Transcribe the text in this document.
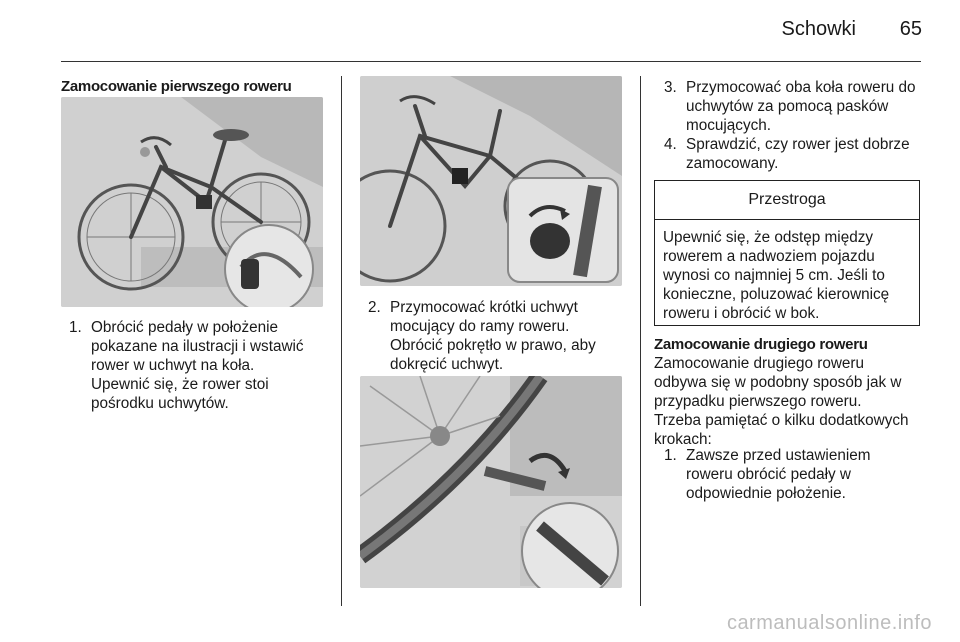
Schowki 65
Zamocowanie pierwszego roweru
1. Obrócić pedały w położenie
pokazane na ilustracji i wstawić
rower w uchwyt na koła.
Upewnić się, że rower stoi
pośrodku uchwytów.
2. Przymocować krótki uchwyt
mocujący do ramy roweru.
Obrócić pokrętło w prawo, aby
dokręcić uchwyt.
3. Przymocować oba koła roweru do
uchwytów za pomocą pasków
mocujących.
4. Sprawdzić, czy rower jest dobrze
zamocowany.
Przestroga
Upewnić się, że odstęp między
rowerem a nadwoziem pojazdu
wynosi co najmniej 5 cm. Jeśli to
konieczne, poluzować kierownicę
roweru i obrócić w bok.
Zamocowanie drugiego roweru
Zamocowanie drugiego roweru
odbywa się w podobny sposób jak w
przypadku pierwszego roweru.
Trzeba pamiętać o kilku dodatkowych
krokach:
1. Zawsze przed ustawieniem
roweru obrócić pedały w
odpowiednie położenie.
carmanualsonline.info
